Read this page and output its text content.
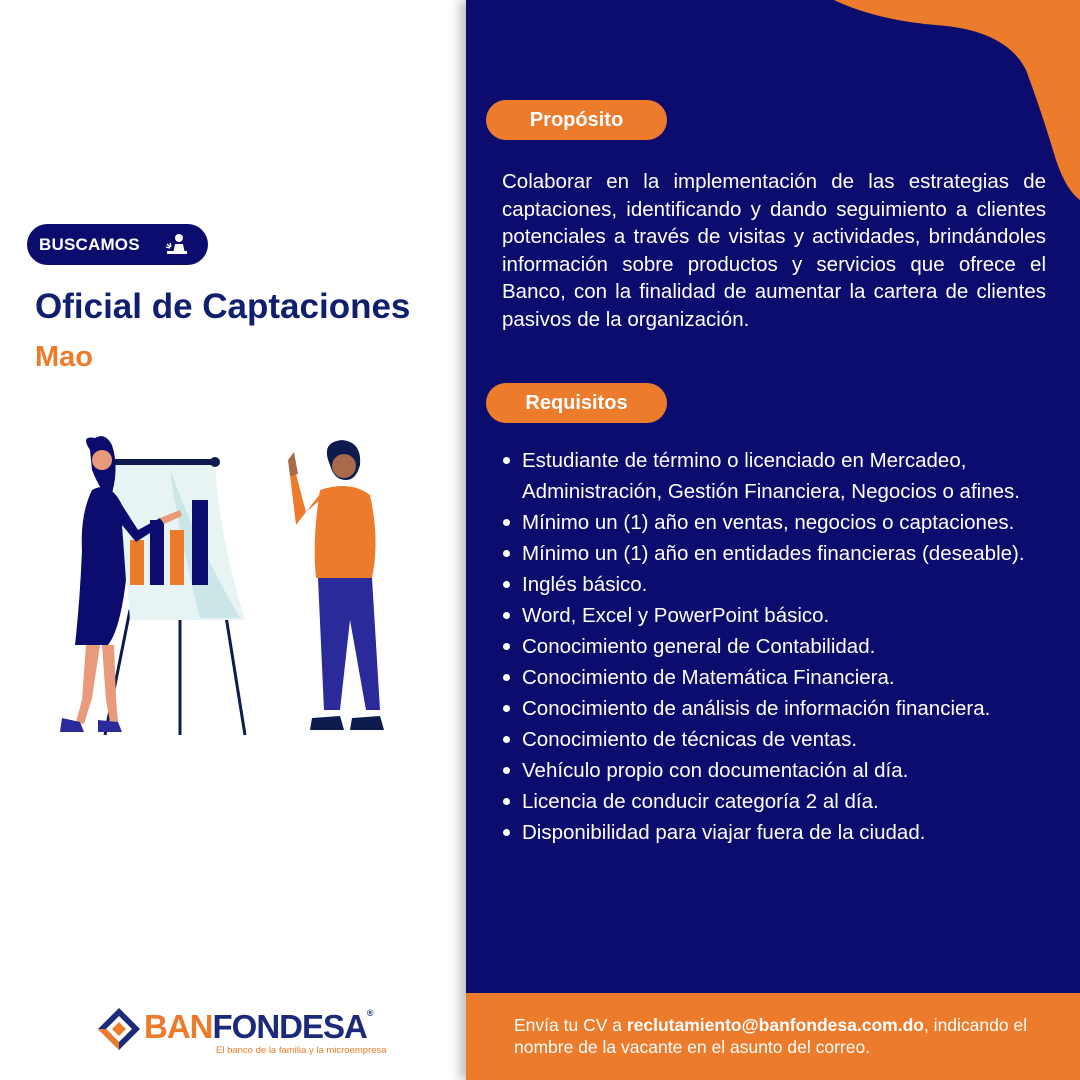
BUSCAMOS
Oficial de Captaciones
Mao
BANFONDESA®
El banco de la familia y la microempresa
Propósito

Colaborar en la implementación de las estrategias de captaciones, identificando y dando seguimiento a clientes potenciales a través de visitas y actividades, brindándoles información sobre productos y servicios que ofrece el Banco, con la finalidad de aumentar la cartera de clientes pasivos de la organización.

Requisitos
Estudiante de término o licenciado en Mercadeo, Administración, Gestión Financiera, Negocios o afines.
Mínimo un (1) año en ventas, negocios o captaciones.
Mínimo un (1) año en entidades financieras (deseable).
Inglés básico.
Word, Excel y PowerPoint básico.
Conocimiento general de Contabilidad.
Conocimiento de Matemática Financiera.
Conocimiento de análisis de información financiera.
Conocimiento de técnicas de ventas.
Vehículo propio con documentación al día.
Licencia de conducir categoría 2 al día.
Disponibilidad para viajar fuera de la ciudad.

Envía tu CV a reclutamiento@banfondesa.com.do, indicando el nombre de la vacante en el asunto del correo.
